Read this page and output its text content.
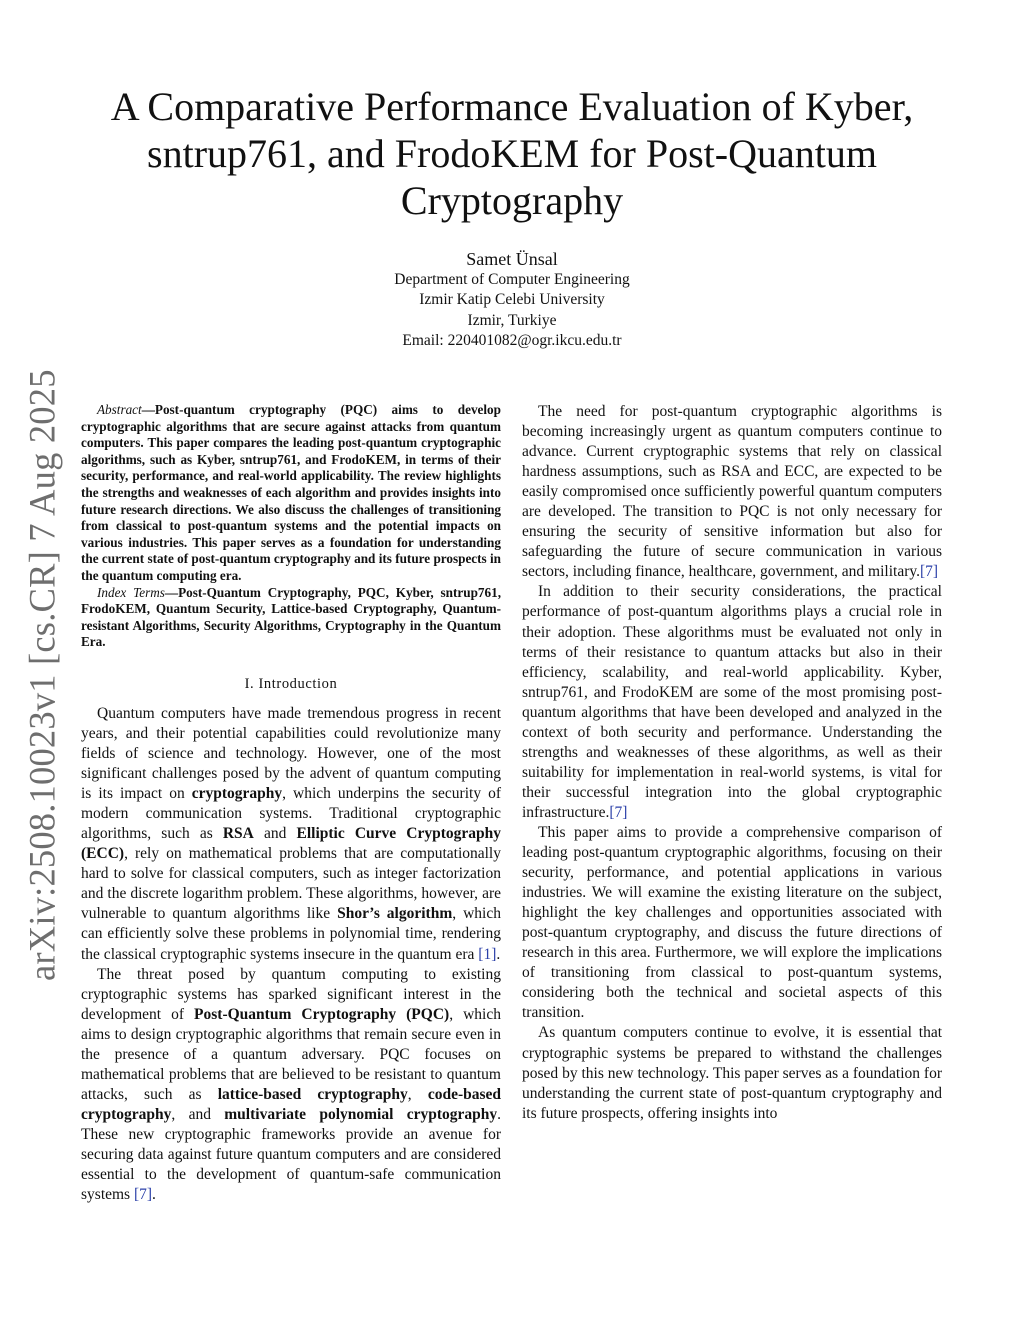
arXiv:2508.10023v1 [cs.CR] 7 Aug 2025
A Comparative Performance Evaluation of Kyber,
sntrup761, and FrodoKEM for Post-Quantum
Cryptography
Samet Ünsal
Department of Computer Engineering
Izmir Katip Celebi University
Izmir, Turkiye
Email: 220401082@ogr.ikcu.edu.tr

Abstract—Post-quantum cryptography (PQC) aims to develop cryptographic algorithms that are secure against attacks from quantum computers. This paper compares the leading post-quantum cryptographic algorithms, such as Kyber, sntrup761, and FrodoKEM, in terms of their security, performance, and real-world applicability. The review highlights the strengths and weaknesses of each algorithm and provides insights into future research directions. We also discuss the challenges of transitioning from classical to post-quantum systems and the potential impacts on various industries. This paper serves as a foundation for understanding the current state of post-quantum cryptography and its future prospects in the quantum computing era.

Index Terms—Post-Quantum Cryptography, PQC, Kyber, sntrup761, FrodoKEM, Quantum Security, Lattice-based Cryptography, Quantum-resistant Algorithms, Security Algorithms, Cryptography in the Quantum Era.

I. Introduction

Quantum computers have made tremendous progress in recent years, and their potential capabilities could revolutionize many fields of science and technology. However, one of the most significant challenges posed by the advent of quantum computing is its impact on cryptography, which underpins the security of modern communication systems. Traditional cryptographic algorithms, such as RSA and Elliptic Curve Cryptography (ECC), rely on mathematical problems that are computationally hard to solve for classical computers, such as integer factorization and the discrete logarithm problem. These algorithms, however, are vulnerable to quantum algorithms like Shor’s algorithm, which can efficiently solve these problems in polynomial time, rendering the classical cryptographic systems insecure in the quantum era [1].

The threat posed by quantum computing to existing cryptographic systems has sparked significant interest in the development of Post-Quantum Cryptography (PQC), which aims to design cryptographic algorithms that remain secure even in the presence of a quantum adversary. PQC focuses on mathematical problems that are believed to be resistant to quantum attacks, such as lattice-based cryptography, code-based cryptography, and multivariate polynomial cryptography. These new cryptographic frameworks provide an avenue for securing data against future quantum computers and are considered essential to the development of quantum-safe communication systems [7].

The need for post-quantum cryptographic algorithms is becoming increasingly urgent as quantum computers continue to advance. Current cryptographic systems that rely on classical hardness assumptions, such as RSA and ECC, are expected to be easily compromised once sufficiently powerful quantum computers are developed. The transition to PQC is not only necessary for ensuring the security of sensitive information but also for safeguarding the future of secure communication in various sectors, including finance, healthcare, government, and military.[7]

In addition to their security considerations, the practical performance of post-quantum algorithms plays a crucial role in their adoption. These algorithms must be evaluated not only in terms of their resistance to quantum attacks but also in their efficiency, scalability, and real-world applicability. Kyber, sntrup761, and FrodoKEM are some of the most promising post-quantum algorithms that have been developed and analyzed in the context of both security and performance. Understanding the strengths and weaknesses of these algorithms, as well as their suitability for implementation in real-world systems, is vital for their successful integration into the global cryptographic infrastructure.[7]

This paper aims to provide a comprehensive comparison of leading post-quantum cryptographic algorithms, focusing on their security, performance, and potential applications in various industries. We will examine the existing literature on the subject, highlight the key challenges and opportunities associated with post-quantum cryptography, and discuss the future directions of research in this area. Furthermore, we will explore the implications of transitioning from classical to post-quantum systems, considering both the technical and societal aspects of this transition.

As quantum computers continue to evolve, it is essential that cryptographic systems be prepared to withstand the challenges posed by this new technology. This paper serves as a foundation for understanding the current state of post-quantum cryptography and its future prospects, offering insights into
